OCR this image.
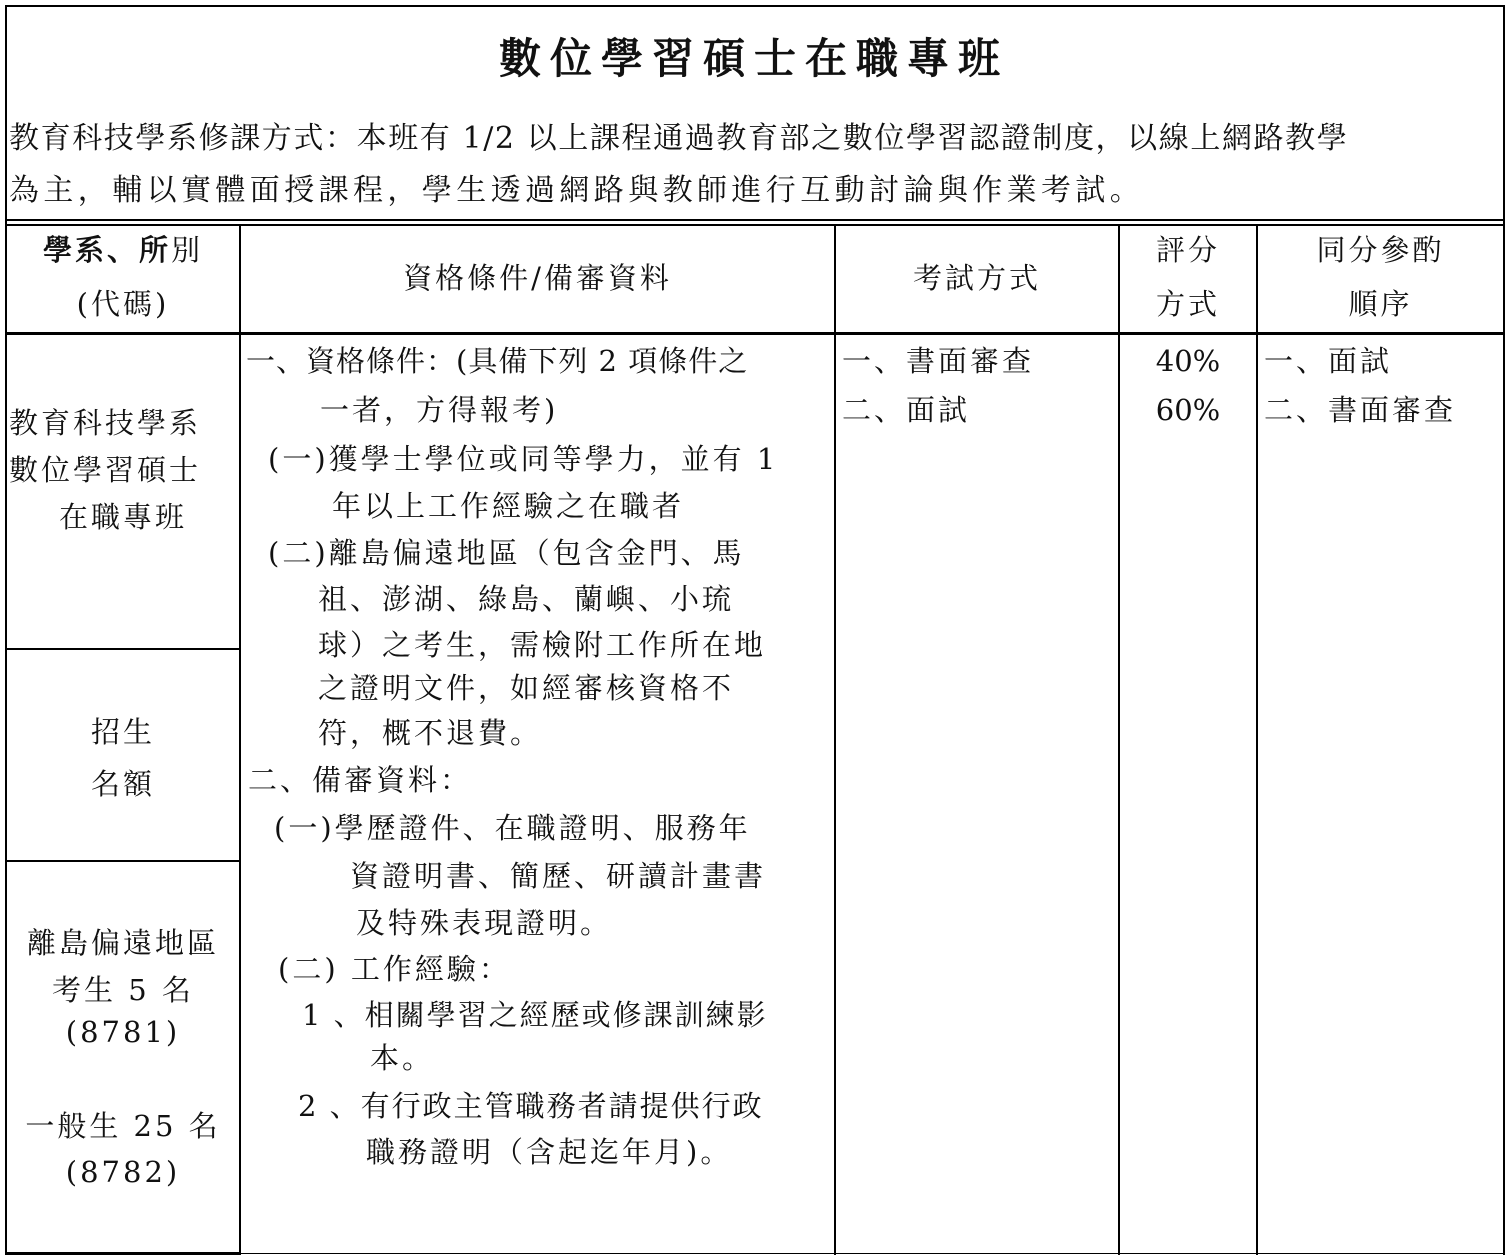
數位學習碩士在職專班
教育科技學系修課方式：本班有 1/2 以上課程通過教育部之數位學習認證制度，以線上網路教學
為主，輔以實體面授課程，學生透過網路與教師進行互動討論與作業考試。
學系、所別
(代碼)
資格條件/備審資料	考試方式
評分
方式
同分參酌
順序
教育科技學系
數位學習碩士
在職專班
招生
名額
離島偏遠地區
考生 5 名
(8781)
一般生 25 名
(8782)
一、資格條件：(具備下列 2 項條件之
一者，方得報考)
(一)獲學士學位或同等學力，並有 1
年以上工作經驗之在職者
(二)離島偏遠地區（包含金門、馬
祖、澎湖、綠島、蘭嶼、小琉
球）之考生，需檢附工作所在地
之證明文件，如經審核資格不
符，概不退費。
二、備審資料：
(一)學歷證件、在職證明、服務年
資證明書、簡歷、研讀計畫書
及特殊表現證明。
(二) 工作經驗：
1 、相關學習之經歷或修課訓練影
本。
2 、有行政主管職務者請提供行政
職務證明（含起迄年月)。
一、書面審查
二、面試
40%
60%
一、面試
二、書面審查
